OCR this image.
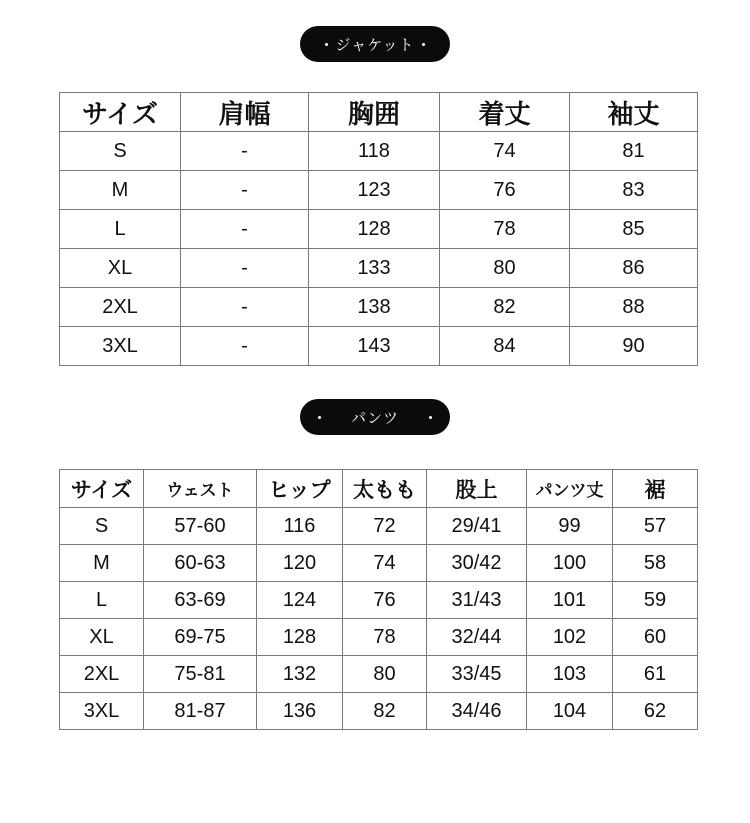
ジャケット
サイズ	肩幅	胸囲	着丈	袖丈
S	-	118	74	81
M	-	123	76	83
L	-	128	78	85
XL	-	133	80	86
2XL	-	138	82	88
3XL	-	143	84	90
パンツ
サイズ	ウェスト	ヒップ	太もも	股上	パンツ丈	裾
S	57-60	116	72	29/41	99	57
M	60-63	120	74	30/42	100	58
L	63-69	124	76	31/43	101	59
XL	69-75	128	78	32/44	102	60
2XL	75-81	132	80	33/45	103	61
3XL	81-87	136	82	34/46	104	62
